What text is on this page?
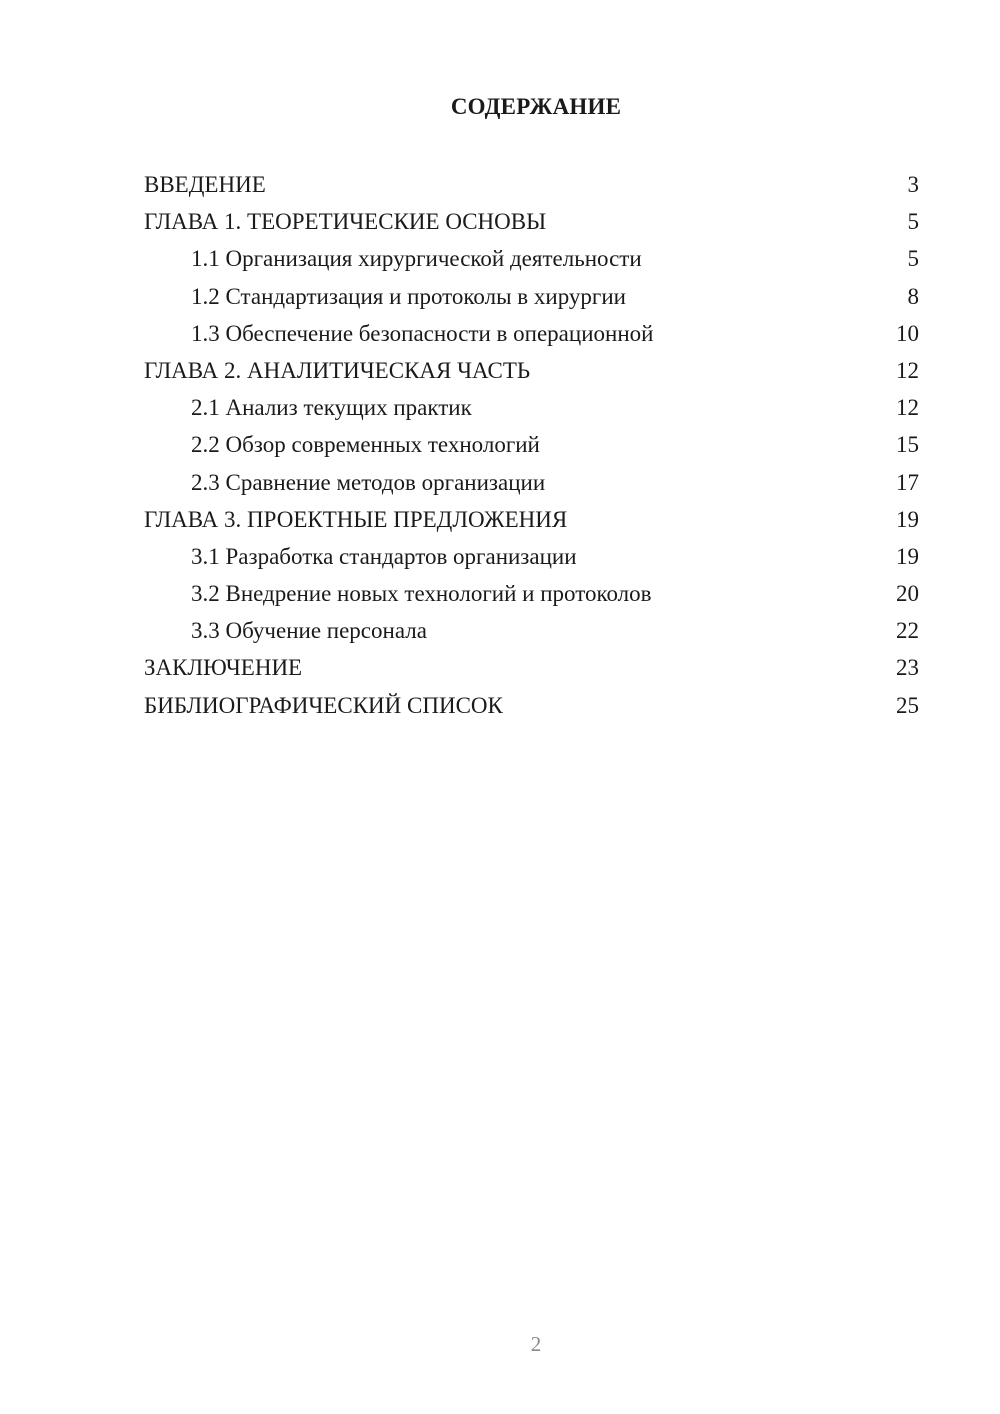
СОДЕРЖАНИЕ
ВВЕДЕНИЕ	3
ГЛАВА 1. ТЕОРЕТИЧЕСКИЕ ОСНОВЫ	5
1.1 Организация хирургической деятельности	5
1.2 Стандартизация и протоколы в хирургии	8
1.3 Обеспечение безопасности в операционной	10
ГЛАВА 2. АНАЛИТИЧЕСКАЯ ЧАСТЬ	12
2.1 Анализ текущих практик	12
2.2 Обзор современных технологий	15
2.3 Сравнение методов организации	17
ГЛАВА 3. ПРОЕКТНЫЕ ПРЕДЛОЖЕНИЯ	19
3.1 Разработка стандартов организации	19
3.2 Внедрение новых технологий и протоколов	20
3.3 Обучение персонала	22
ЗАКЛЮЧЕНИЕ	23
БИБЛИОГРАФИЧЕСКИЙ СПИСОК	25
2
